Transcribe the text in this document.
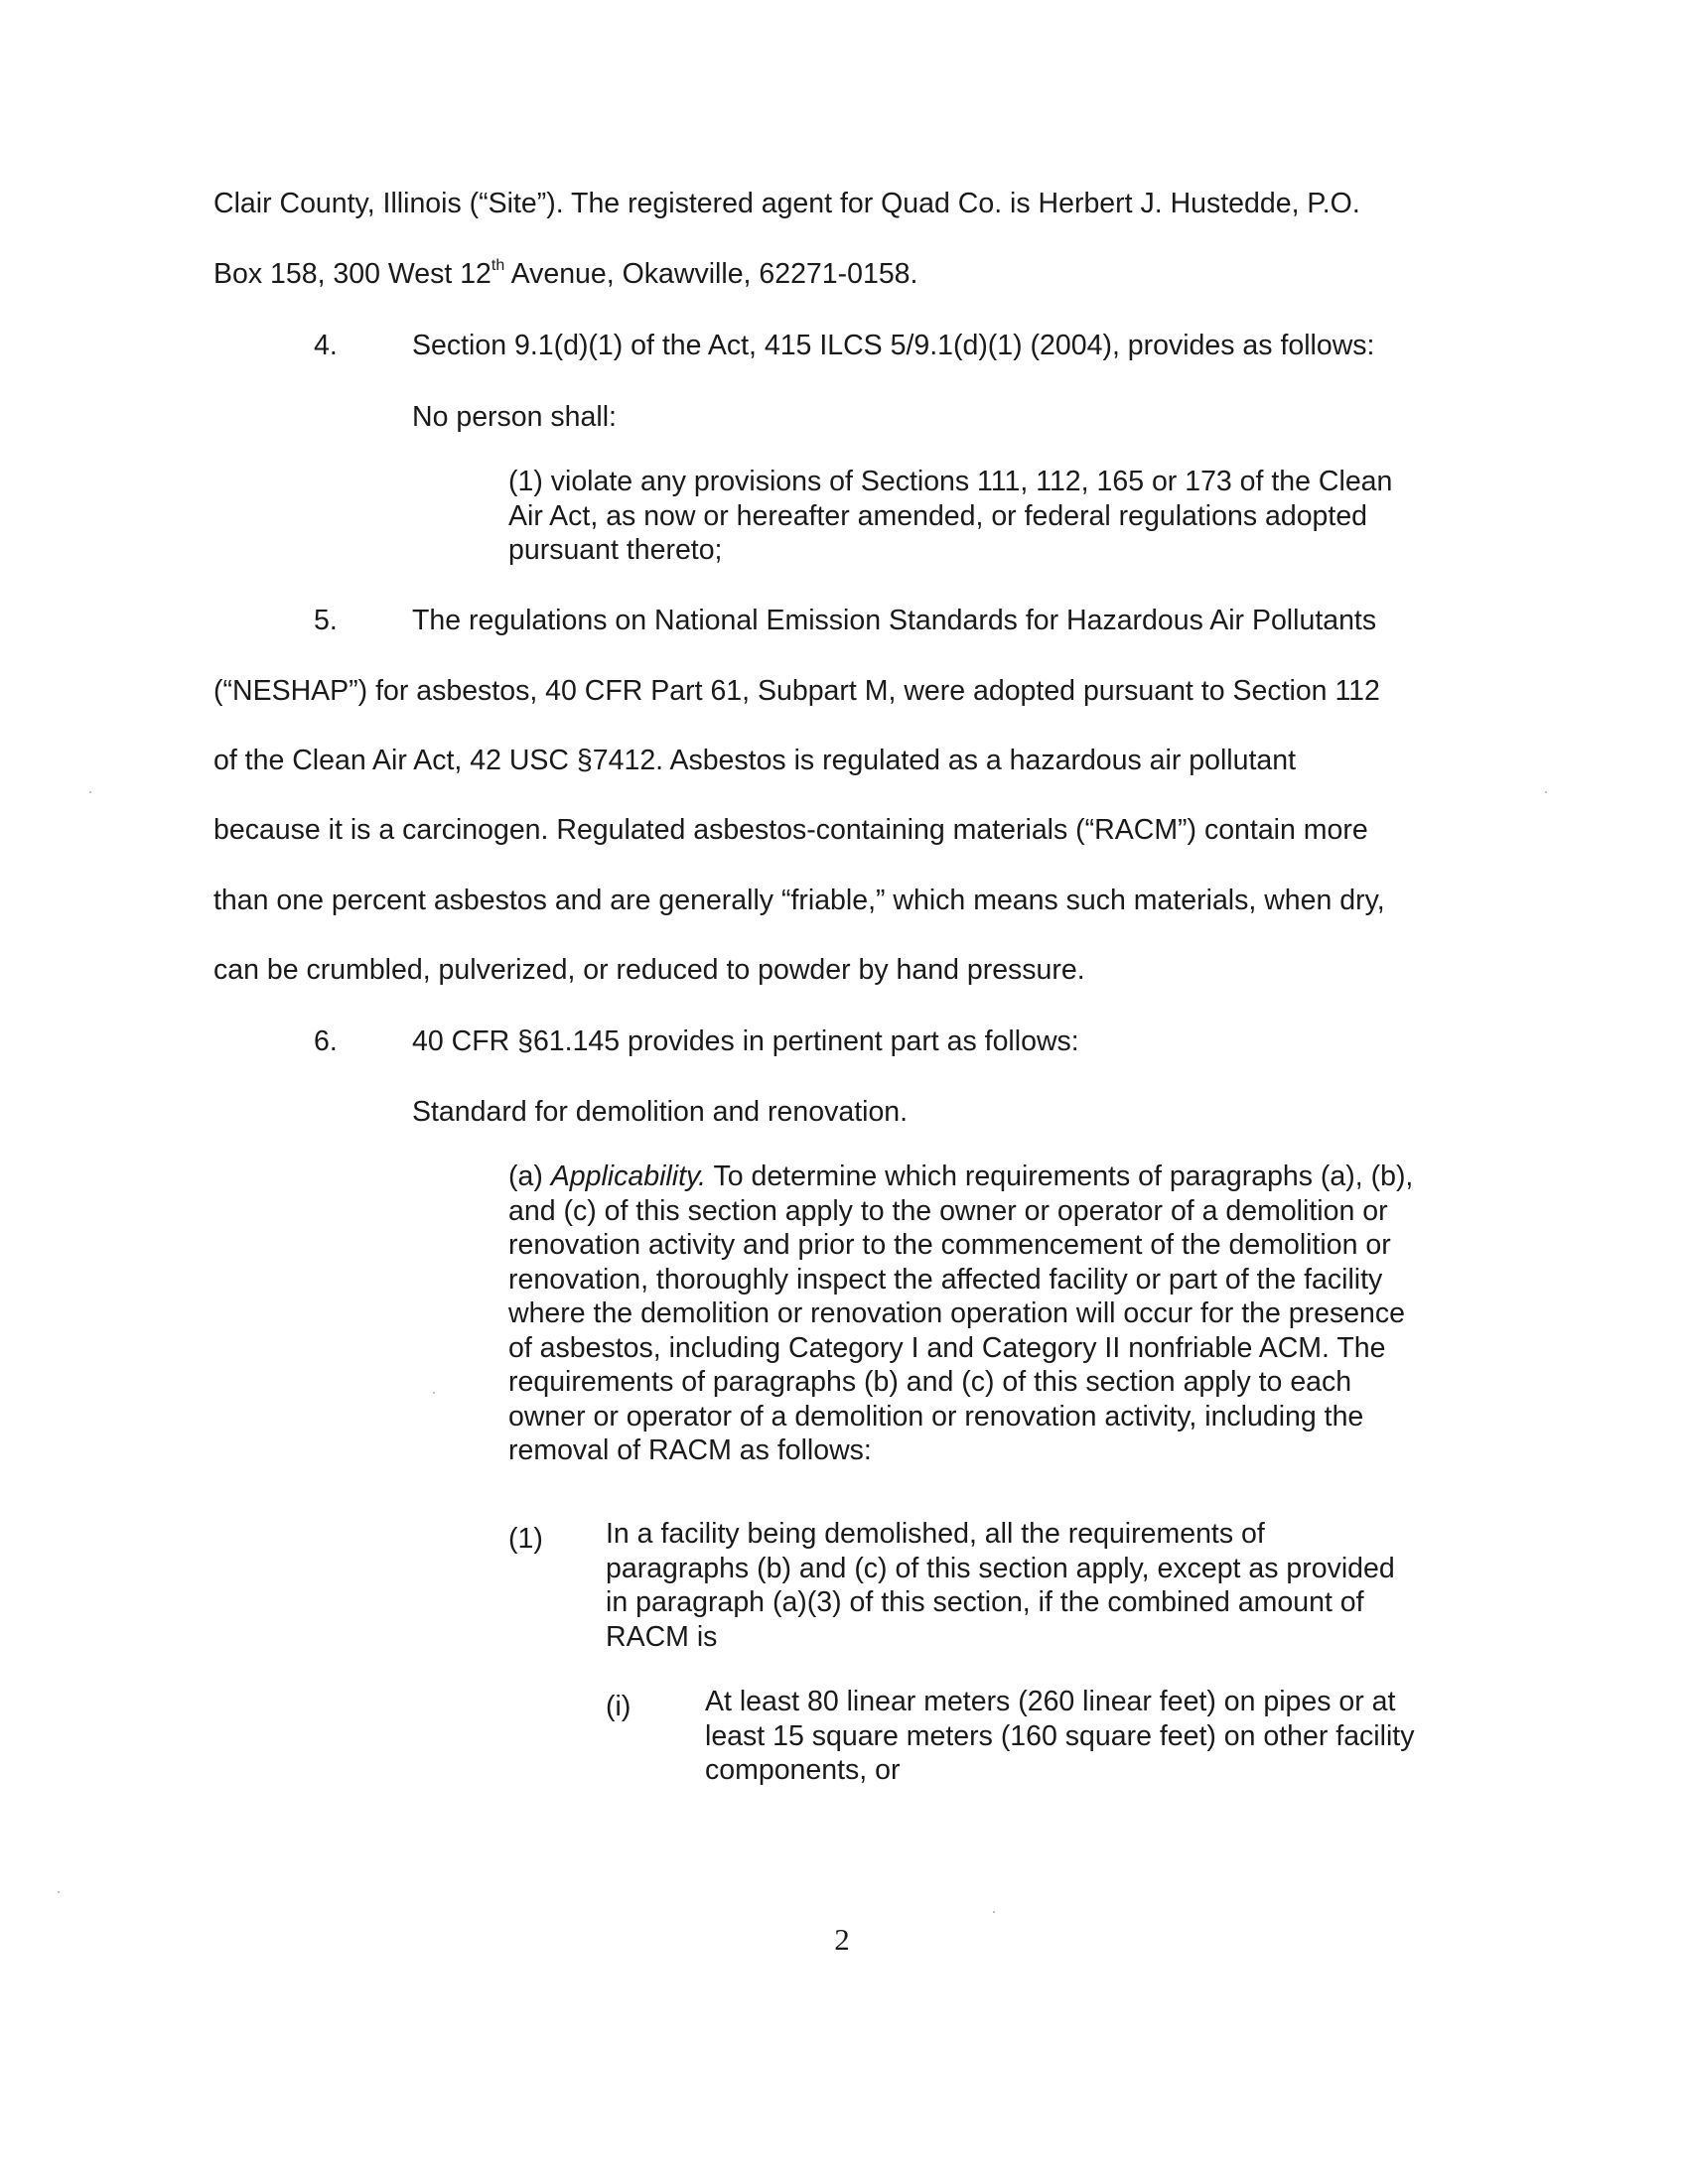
Clair County, Illinois (“Site”). The registered agent for Quad Co. is Herbert J. Hustedde, P.O.
Box 158, 300 West 12th Avenue, Okawville, 62271-0158.
4.	Section 9.1(d)(1) of the Act, 415 ILCS 5/9.1(d)(1) (2004), provides as follows:
No person shall:
(1) violate any provisions of Sections 111, 112, 165 or 173 of the Clean
Air Act, as now or hereafter amended, or federal regulations adopted
pursuant thereto;
5.	The regulations on National Emission Standards for Hazardous Air Pollutants
(“NESHAP”) for asbestos, 40 CFR Part 61, Subpart M, were adopted pursuant to Section 112
of the Clean Air Act, 42 USC §7412. Asbestos is regulated as a hazardous air pollutant
because it is a carcinogen. Regulated asbestos-containing materials (“RACM”) contain more
than one percent asbestos and are generally “friable,” which means such materials, when dry,
can be crumbled, pulverized, or reduced to powder by hand pressure.
6.	40 CFR §61.145 provides in pertinent part as follows:
Standard for demolition and renovation.
(a) Applicability. To determine which requirements of paragraphs (a), (b),
and (c) of this section apply to the owner or operator of a demolition or
renovation activity and prior to the commencement of the demolition or
renovation, thoroughly inspect the affected facility or part of the facility
where the demolition or renovation operation will occur for the presence
of asbestos, including Category I and Category II nonfriable ACM. The
requirements of paragraphs (b) and (c) of this section apply to each
owner or operator of a demolition or renovation activity, including the
removal of RACM as follows:
(1) In a facility being demolished, all the requirements of
paragraphs (b) and (c) of this section apply, except as provided
in paragraph (a)(3) of this section, if the combined amount of
RACM is
(i)	At least 80 linear meters (260 linear feet) on pipes or at
least 15 square meters (160 square feet) on other facility
components, or
2
